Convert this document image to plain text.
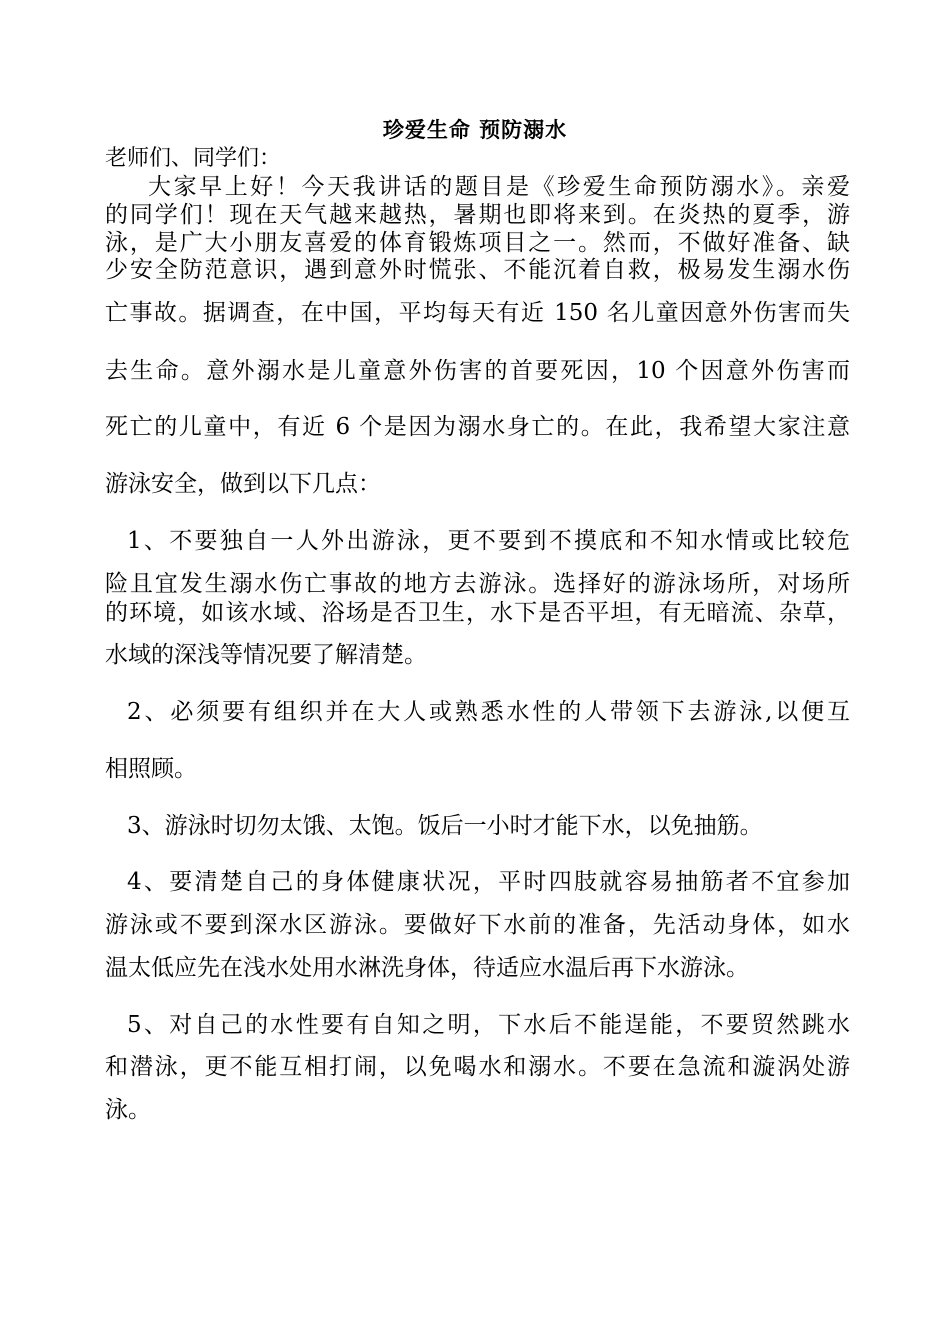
珍爱生命 预防溺水

老师们、同学们：

大家早上好！今天我讲话的题目是《珍爱生命预防溺水》。亲爱

的同学们！现在天气越来越热，暑期也即将来到。在炎热的夏季，游

泳，是广大小朋友喜爱的体育锻炼项目之一。然而，不做好准备、缺

少安全防范意识，遇到意外时慌张、不能沉着自救，极易发生溺水伤

亡事故。据调查，在中国，平均每天有近 150 名儿童因意外伤害而失

去生命。意外溺水是儿童意外伤害的首要死因，10 个因意外伤害而

死亡的儿童中，有近 6 个是因为溺水身亡的。在此，我希望大家注意

游泳安全，做到以下几点：

1、不要独自一人外出游泳，更不要到不摸底和不知水情或比较危

险且宜发生溺水伤亡事故的地方去游泳。选择好的游泳场所，对场所

的环境，如该水域、浴场是否卫生，水下是否平坦，有无暗流、杂草，

水域的深浅等情况要了解清楚。

2、必须要有组织并在大人或熟悉水性的人带领下去游泳,以便互

相照顾。

3、游泳时切勿太饿、太饱。饭后一小时才能下水，以免抽筋。

4、要清楚自己的身体健康状况，平时四肢就容易抽筋者不宜参加

游泳或不要到深水区游泳。要做好下水前的准备，先活动身体，如水

温太低应先在浅水处用水淋洗身体，待适应水温后再下水游泳。

5、对自己的水性要有自知之明，下水后不能逞能，不要贸然跳水

和潜泳，更不能互相打闹，以免喝水和溺水。不要在急流和漩涡处游

泳。
